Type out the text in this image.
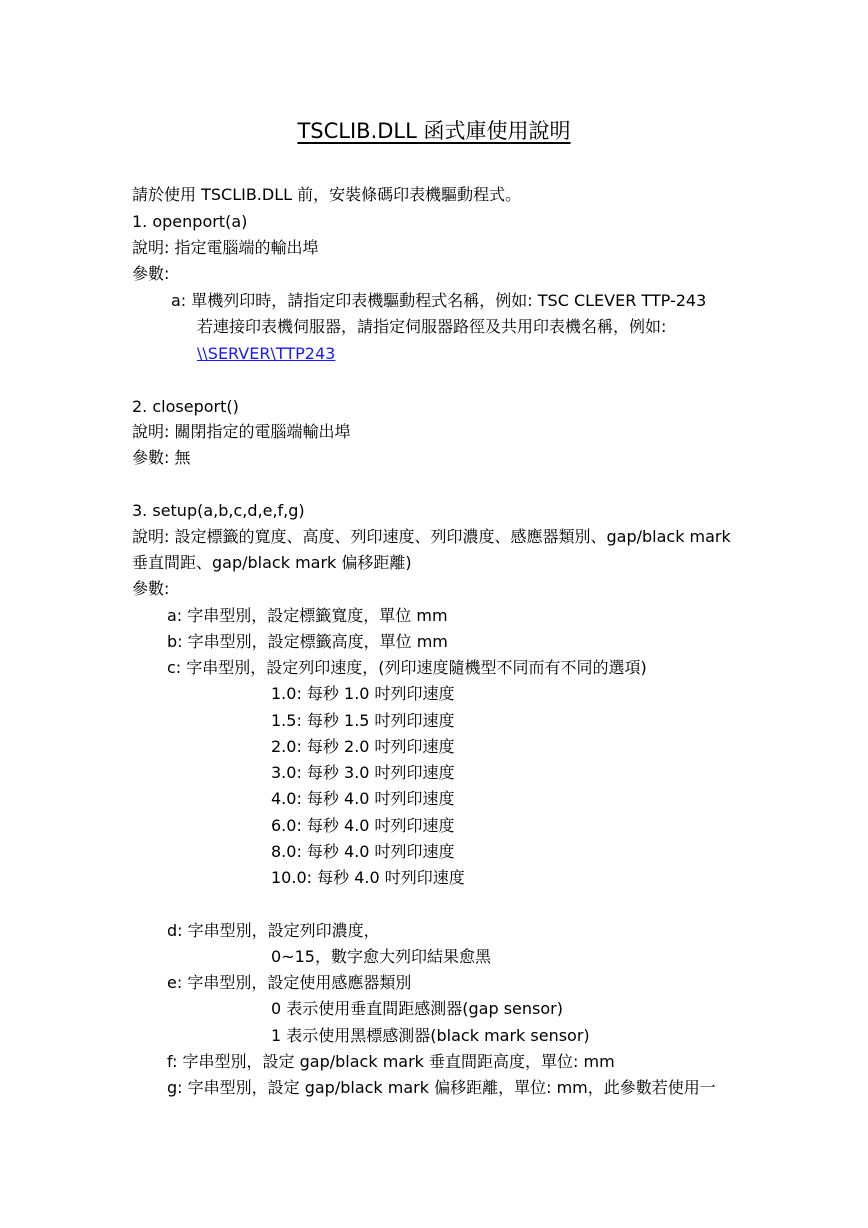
TSCLIB.DLL 函式庫使用說明
請於使用 TSCLIB.DLL 前，安裝條碼印表機驅動程式。
1. openport(a)
說明: 指定電腦端的輸出埠
參數:
a: 單機列印時，請指定印表機驅動程式名稱，例如: TSC CLEVER TTP-243
若連接印表機伺服器，請指定伺服器路徑及共用印表機名稱，例如:
\\SERVER\TTP243
2. closeport()
說明: 關閉指定的電腦端輸出埠
參數: 無
3. setup(a,b,c,d,e,f,g)
說明: 設定標籤的寬度、高度、列印速度、列印濃度、感應器類別、gap/black mark
垂直間距、gap/black mark 偏移距離)
參數:
a: 字串型別，設定標籤寬度，單位 mm
b: 字串型別，設定標籤高度，單位 mm
c: 字串型別，設定列印速度，(列印速度隨機型不同而有不同的選項)
1.0: 每秒 1.0 吋列印速度
1.5: 每秒 1.5 吋列印速度
2.0: 每秒 2.0 吋列印速度
3.0: 每秒 3.0 吋列印速度
4.0: 每秒 4.0 吋列印速度
6.0: 每秒 4.0 吋列印速度
8.0: 每秒 4.0 吋列印速度
10.0: 每秒 4.0 吋列印速度
d: 字串型別，設定列印濃度，
0~15，數字愈大列印結果愈黑
e: 字串型別，設定使用感應器類別
0 表示使用垂直間距感測器(gap sensor)
1 表示使用黑標感測器(black mark sensor)
f: 字串型別，設定 gap/black mark 垂直間距高度，單位: mm
g: 字串型別，設定 gap/black mark 偏移距離，單位: mm，此參數若使用一
